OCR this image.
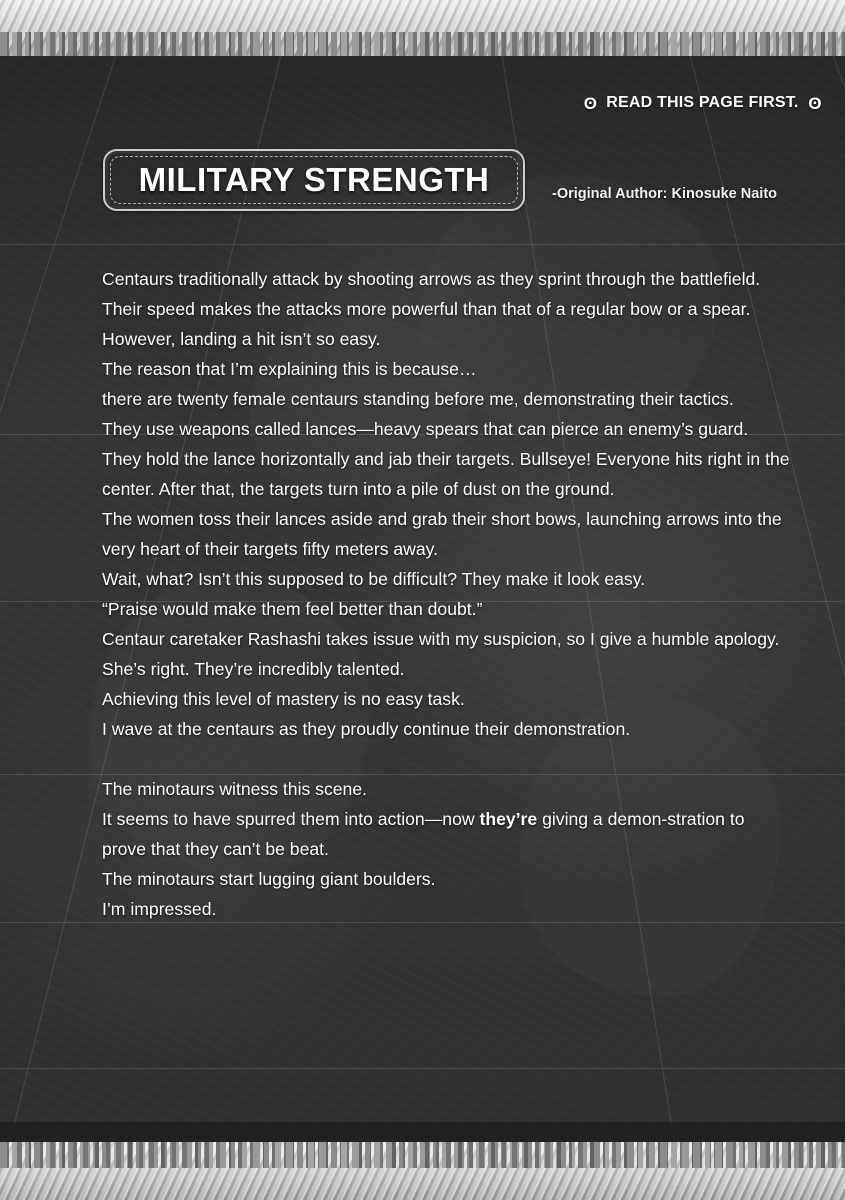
ʘ READ THIS PAGE FIRST. ʘ
MILITARY STRENGTH	-Original Author: Kinosuke Naito

Centaurs traditionally attack by shooting arrows as they sprint through the battlefield.

Their speed makes the attacks more powerful than that of a regular bow or a spear. However, landing a hit isn’t so easy.

The reason that I’m explaining this is because…

there are twenty female centaurs standing before me, demonstrating their tactics.

They use weapons called lances—heavy spears that can pierce an enemy’s guard.

They hold the lance horizontally and jab their targets. Bullseye! Everyone hits right in the center. After that, the targets turn into a pile of dust on the ground.

The women toss their lances aside and grab their short bows, launching arrows into the very heart of their targets fifty meters away.

Wait, what? Isn’t this supposed to be difficult? They make it look easy.

“Praise would make them feel better than doubt.”

Centaur caretaker Rashashi takes issue with my suspicion, so I give a humble apology.

She’s right. They’re incredibly talented.

Achieving this level of mastery is no easy task.

I wave at the centaurs as they proudly continue their demonstration.

The minotaurs witness this scene.

It seems to have spurred them into action—now they’re giving a demon-stration to prove that they can’t be beat.

The minotaurs start lugging giant boulders.

I’m impressed.
